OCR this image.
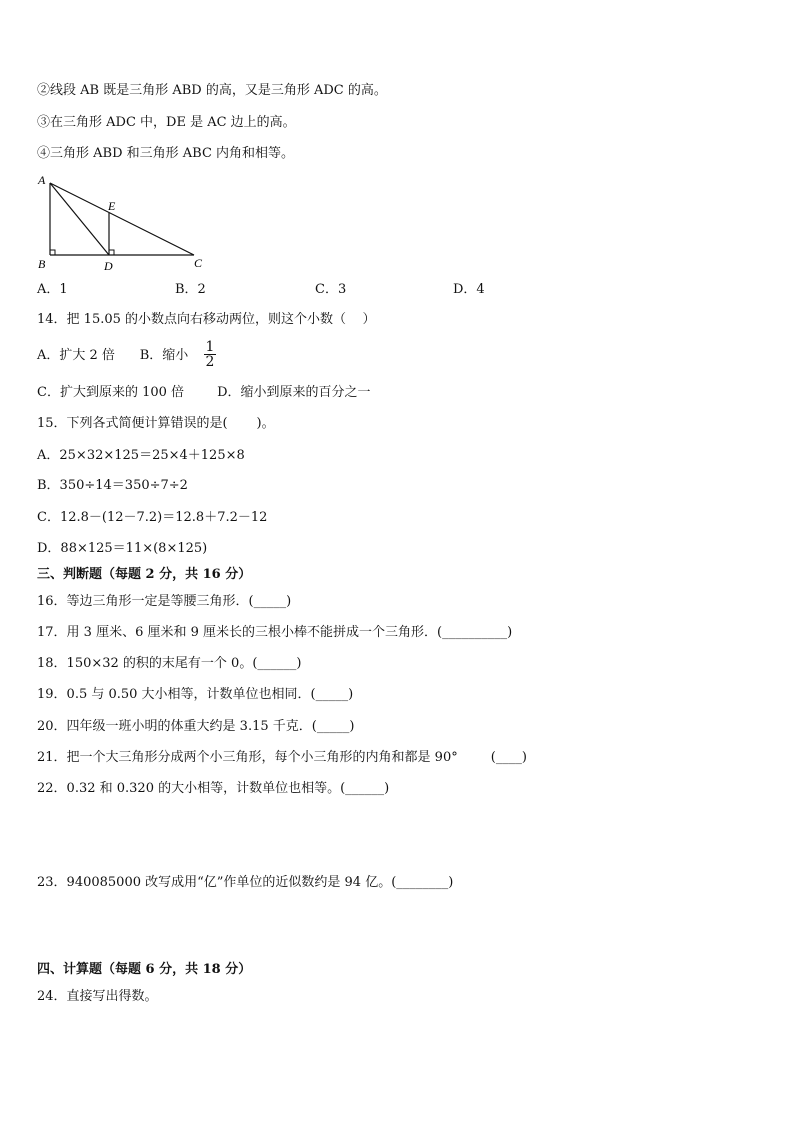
②线段 AB 既是三角形 ABD 的高，又是三角形 ADC 的高。
③在三角形 ADC 中，DE 是 AC 边上的高。
④三角形 ABD 和三角形 ABC 内角和相等。
A
B	C
D
E
A．1	B．2	C．3	D．4
14．把 15.05 的小数点向右移动两位，则这个小数（    ）
A．扩大 2 倍      B．缩小 $\frac{1}{2}$
C．扩大到原来的 100 倍        D．缩小到原来的百分之一
15．下列各式简便计算错误的是(       )。
A．25×32×125＝25×4＋125×8
B．350÷14＝350÷7÷2
C．12.8－(12－7.2)＝12.8＋7.2－12
D．88×125＝11×(8×125)
三、判断题（每题 2 分，共 16 分）
16．等边三角形一定是等腰三角形．(_____)
17．用 3 厘米、6 厘米和 9 厘米长的三根小棒不能拼成一个三角形．(__________)
18．150×32 的积的末尾有一个 0。(______)
19．0.5 与 0.50 大小相等，计数单位也相同．(_____)
20．四年级一班小明的体重大约是 3.15 千克．(_____)
21．把一个大三角形分成两个小三角形，每个小三角形的内角和都是 90°        (____)
22．0.32 和 0.320 的大小相等，计数单位也相等。(______)
23．940085000 改写成用“亿”作单位的近似数约是 94 亿。(________)
四、计算题（每题 6 分，共 18 分）
24．直接写出得数。
